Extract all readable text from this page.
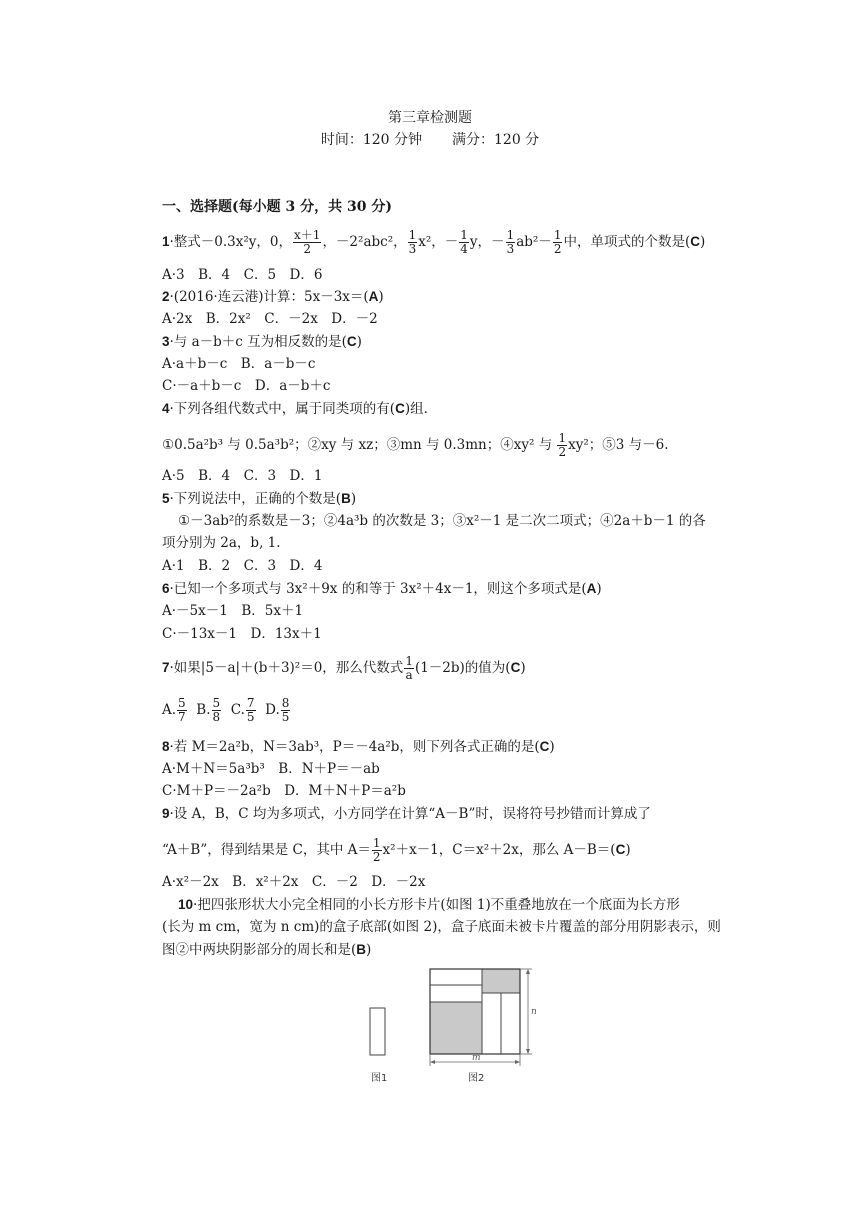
第三章检测题
时间：120 分钟 满分：120 分
一、选择题(每小题 3 分，共 30 分)
1·整式－0.3x²y，0， $\frac{x+1}{2}$ ，－2²abc²， $\frac{1}{3} x^2$，－ $\frac{1}{4}$ y，－ $\frac{1}{3} ab^2- \frac{1}{2}$ 中，单项式的个数是(C)
A·3　B．4　C．5　D．6
2·(2016·连云港)计算：5x－3x＝(A)
A·2x　B．2x²　C．－2x　D．－2
3·与 a－b＋c 互为相反数的是(C)
A·a＋b－c　B．a－b－c
C·－a＋b－c　D．a－b＋c
4·下列各组代数式中，属于同类项的有(C)组．
①0.5a²b³ 与 0.5a³b²；②xy 与 xz；③mn 与 0.3mn；④xy² 与 $\frac{1}{2} xy^2$；⑤3 与－6.
A·5　B．4　C．3　D．1
5·下列说法中，正确的个数是(B)
①－3ab²的系数是－3；②4a³b 的次数是 3；③x²－1 是二次二项式；④2a＋b－1 的各
项分别为 2a，b, 1.
A·1　B．2　C．3　D．4
6·已知一个多项式与 3x²＋9x 的和等于 3x²＋4x－1，则这个多项式是(A)
A·－5x－1　B．5x＋1
C·－13x－1　D．13x＋1
7·如果|5－a|＋(b＋3)²＝0，那么代数式 $\frac{1}{a} (1-2b)$的值为(C)
A. $\frac{5}{7} B$. $\frac{5}{8} C$. $\frac{7}{5} D$. $\frac{8}{5}$
8·若 M＝2a²b，N＝3ab³，P＝－4a²b，则下列各式正确的是(C)
A·M＋N＝5a³b³　B．N＋P＝－ab
C·M＋P＝－2a²b　D．M＋N＋P＝a²b
9·设 A，B，C 均为多项式，小方同学在计算“A－B”时，误将符号抄错而计算成了
“A＋B”，得到结果是 C，其中 $A= \frac{1}{2} x^2+x-1$，C＝x²＋2x，那么 A－B＝(C)
A·x²－2x　B．x²＋2x　C．－2　D．－2x
10·把四张形状大小完全相同的小长方形卡片(如图 1)不重叠地放在一个底面为长方形
(长为 m cm，宽为 n cm)的盒子底部(如图 2)，盒子底面未被卡片覆盖的部分用阴影表示，则
图②中两块阴影部分的周长和是(B)
图1
n
m
图2
